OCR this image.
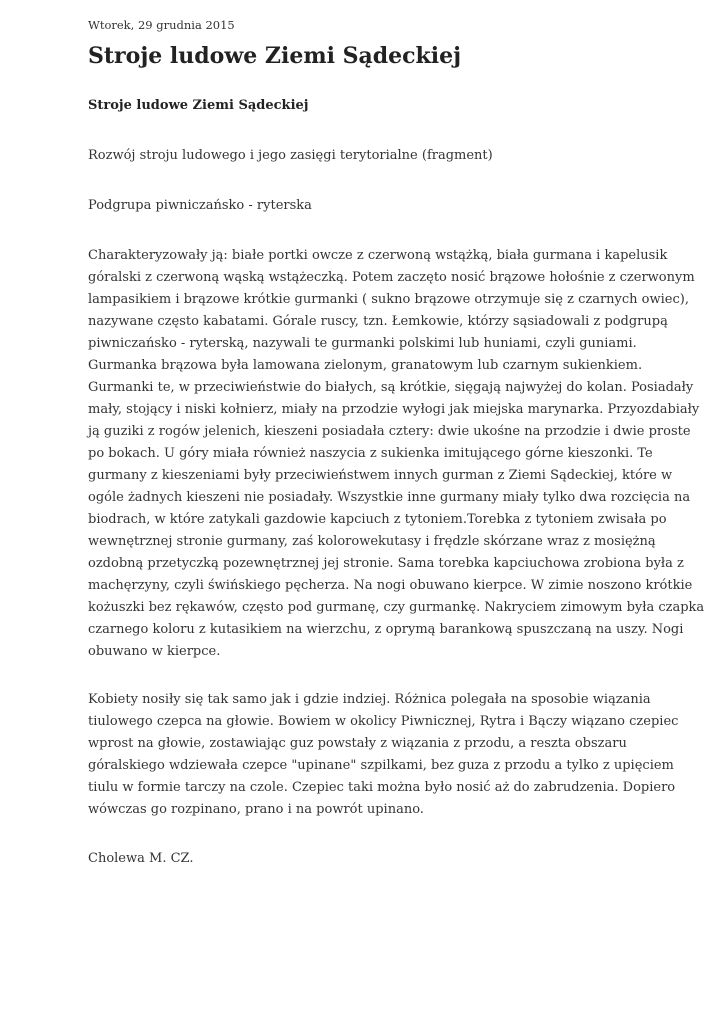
Wtorek, 29 grudnia 2015
Stroje ludowe Ziemi Sądeckiej
Stroje ludowe Ziemi Sądeckiej

Rozwój stroju ludowego i jego zasięgi terytorialne (fragment)

Podgrupa piwniczańsko - ryterska

Charakteryzowały ją: białe portki owcze z czerwoną wstążką, biała gurmana i kapelusik
góralski z czerwoną wąską wstążeczką. Potem zaczęto nosić brązowe hołośnie z czerwonym
lampasikiem i brązowe krótkie gurmanki ( sukno brązowe otrzymuje się z czarnych owiec),
nazywane często kabatami. Górale ruscy, tzn. Łemkowie, którzy sąsiadowali z podgrupą
piwniczańsko - ryterską, nazywali te gurmanki polskimi lub huniami, czyli guniami.
Gurmanka brązowa była lamowana zielonym, granatowym lub czarnym sukienkiem.
Gurmanki te, w przeciwieństwie do białych, są krótkie, sięgają najwyżej do kolan. Posiadały
mały, stojący i niski kołnierz, miały na przodzie wyłogi jak miejska marynarka. Przyozdabiały
ją guziki z rogów jelenich, kieszeni posiadała cztery: dwie ukośne na przodzie i dwie proste
po bokach. U góry miała również naszycia z sukienka imitującego górne kieszonki. Te
gurmany z kieszeniami były przeciwieństwem innych gurman z Ziemi Sądeckiej, które w
ogóle żadnych kieszeni nie posiadały. Wszystkie inne gurmany miały tylko dwa rozcięcia na
biodrach, w które zatykali gazdowie kapciuch z tytoniem.Torebka z tytoniem zwisała po
wewnętrznej stronie gurmany, zaś kolorowekutasy i frędzle skórzane wraz z mosiężną
ozdobną przetyczką pozewnętrznej jej stronie. Sama torebka kapciuchowa zrobiona była z
machęrzyny, czyli świńskiego pęcherza. Na nogi obuwano kierpce. W zimie noszono krótkie
kożuszki bez rękawów, często pod gurmanę, czy gurmankę. Nakryciem zimowym była czapka
czarnego koloru z kutasikiem na wierzchu, z oprymą barankową spuszczaną na uszy. Nogi
obuwano w kierpce.

Kobiety nosiły się tak samo jak i gdzie indziej. Różnica polegała na sposobie wiązania
tiulowego czepca na głowie. Bowiem w okolicy Piwnicznej, Rytra i Bączy wiązano czepiec
wprost na głowie, zostawiając guz powstały z wiązania z przodu, a reszta obszaru
góralskiego wdziewała czepce "upinane" szpilkami, bez guza z przodu a tylko z upięciem
tiulu w formie tarczy na czole. Czepiec taki można było nosić aż do zabrudzenia. Dopiero
wówczas go rozpinano, prano i na powrót upinano.

Cholewa M. CZ.
